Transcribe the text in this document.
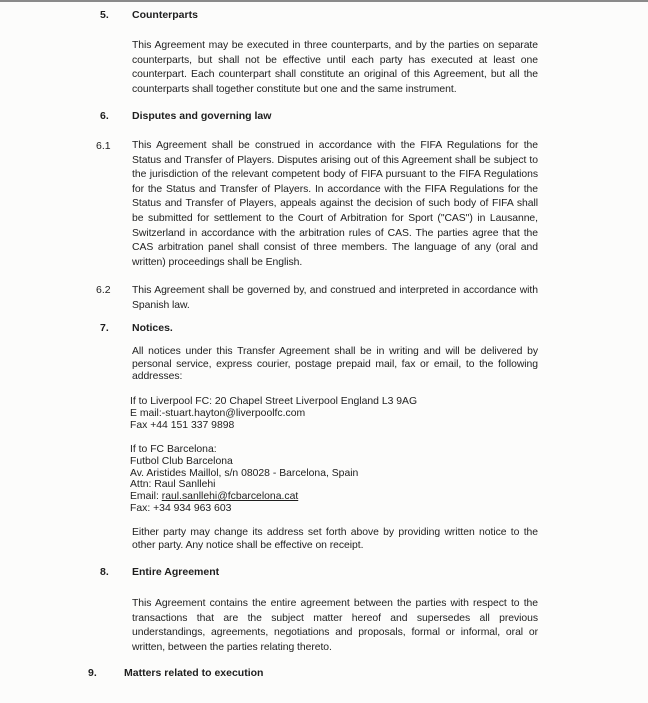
5. Counterparts
This Agreement may be executed in three counterparts, and by the parties on separate counterparts, but shall not be effective until each party has executed at least one counterpart. Each counterpart shall constitute an original of this Agreement, but all the counterparts shall together constitute but one and the same instrument.
6. Disputes and governing law
6.1 This Agreement shall be construed in accordance with the FIFA Regulations for the Status and Transfer of Players. Disputes arising out of this Agreement shall be subject to the jurisdiction of the relevant competent body of FIFA pursuant to the FIFA Regulations for the Status and Transfer of Players. In accordance with the FIFA Regulations for the Status and Transfer of Players, appeals against the decision of such body of FIFA shall be submitted for settlement to the Court of Arbitration for Sport ("CAS") in Lausanne, Switzerland in accordance with the arbitration rules of CAS. The parties agree that the CAS arbitration panel shall consist of three members. The language of any (oral and written) proceedings shall be English.
6.2 This Agreement shall be governed by, and construed and interpreted in accordance with Spanish law.
7. Notices.
All notices under this Transfer Agreement shall be in writing and will be delivered by personal service, express courier, postage prepaid mail, fax or email, to the following addresses:
If to Liverpool FC: 20 Chapel Street Liverpool England L3 9AG
E mail:-stuart.hayton@liverpoolfc.com
Fax +44 151 337 9898
If to FC Barcelona:
Futbol Club Barcelona
Av. Aristides Maillol, s/n 08028 - Barcelona, Spain
Attn: Raul Sanllehi
Email: raul.sanllehi@fcbarcelona.cat
Fax: +34 934 963 603
Either party may change its address set forth above by providing written notice to the other party. Any notice shall be effective on receipt.
8. Entire Agreement
This Agreement contains the entire agreement between the parties with respect to the transactions that are the subject matter hereof and supersedes all previous understandings, agreements, negotiations and proposals, formal or informal, oral or written, between the parties relating thereto.
9.	Matters related to execution
